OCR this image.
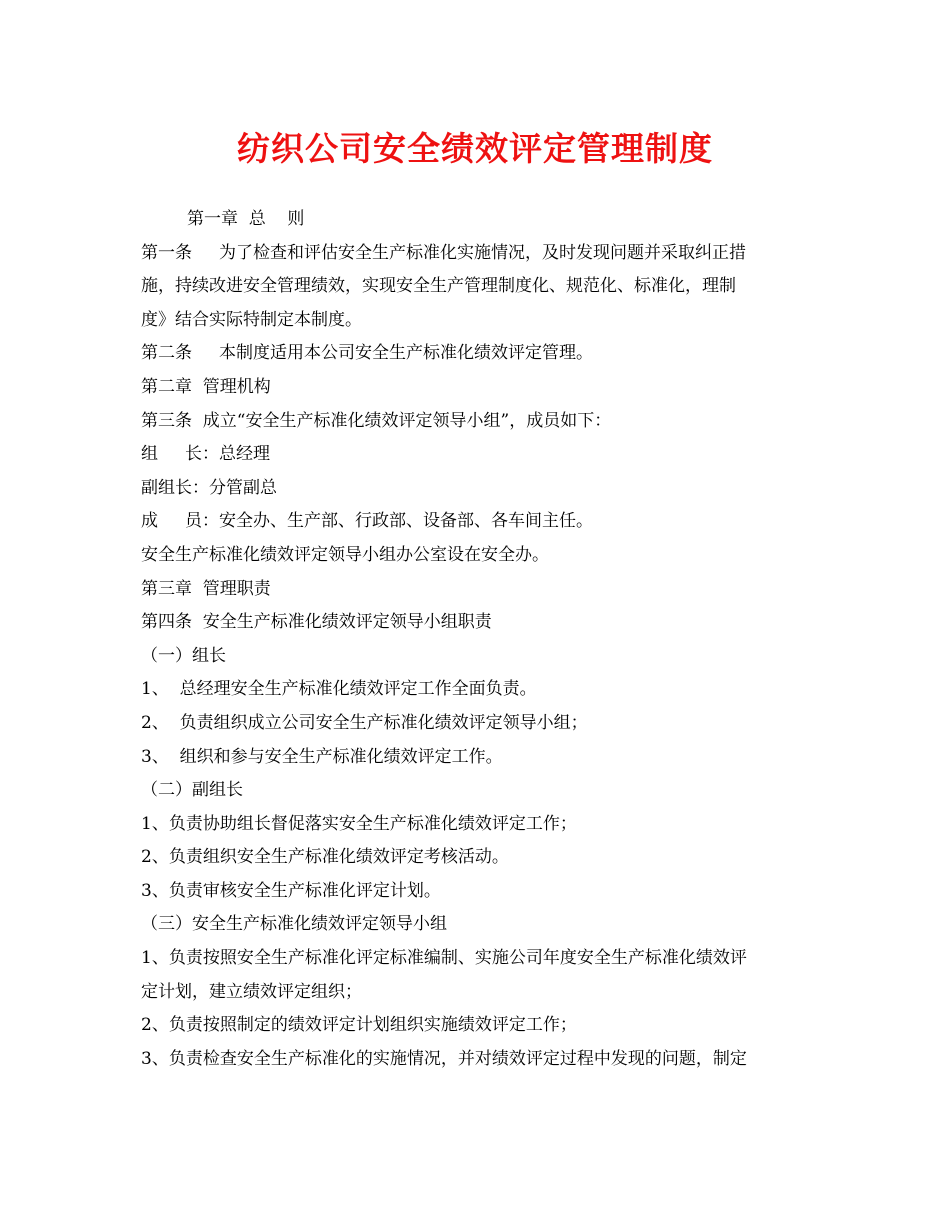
纺织公司安全绩效评定管理制度

第一章  总    则

第一条     为了检查和评估安全生产标准化实施情况，及时发现问题并采取纠正措

施，持续改进安全管理绩效，实现安全生产管理制度化、规范化、标准化，理制

度》结合实际特制定本制度。

第二条     本制度适用本公司安全生产标准化绩效评定管理。

第二章  管理机构

第三条  成立“安全生产标准化绩效评定领导小组”，成员如下：

组     长：总经理

副组长：分管副总

成     员：安全办、生产部、行政部、设备部、各车间主任。

安全生产标准化绩效评定领导小组办公室设在安全办。

第三章  管理职责

第四条  安全生产标准化绩效评定领导小组职责

（一）组长

1、  总经理安全生产标准化绩效评定工作全面负责。

2、  负责组织成立公司安全生产标准化绩效评定领导小组；

3、  组织和参与安全生产标准化绩效评定工作。

（二）副组长

1、负责协助组长督促落实安全生产标准化绩效评定工作；

2、负责组织安全生产标准化绩效评定考核活动。

3、负责审核安全生产标准化评定计划。

（三）安全生产标准化绩效评定领导小组

1、负责按照安全生产标准化评定标准编制、实施公司年度安全生产标准化绩效评

定计划，建立绩效评定组织；

2、负责按照制定的绩效评定计划组织实施绩效评定工作；

3、负责检查安全生产标准化的实施情况，并对绩效评定过程中发现的问题，制定
